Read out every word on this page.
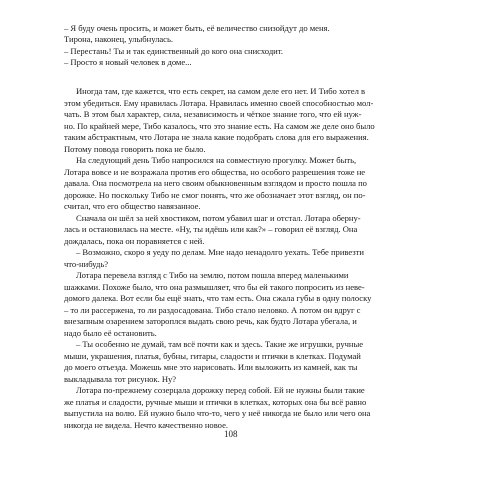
– Я буду очень просить, и может быть, её величество снизойдут до меня.
Тирона, наконец, улыбнулась.
– Перестань! Ты и так единственный до кого она снисходит.
– Просто я новый человек в доме...
Иногда там, где кажется, что есть секрет, на самом деле его нет. И Тибо хотел в
этом убедиться. Ему нравилась Лотара. Нравилась именно своей способностью мол-
чать. В этом был характер, сила, независимость и чёткое знание того, что ей нуж-
но. По крайней мере, Тибо казалось, что это знание есть. На самом же деле оно было
таким абстрактным, что Лотара не знала какие подобрать слова для его выражения.
Потому повода говорить пока не было.
На следующий день Тибо напросился на совместную прогулку. Может быть,
Лотара вовсе и не возражала против его общества, но особого разрешения тоже не
давала. Она посмотрела на него своим обыкновенным взглядом и просто пошла по
дорожке. Но поскольку Тибо не смог понять, что же обозначает этот взгляд, он по-
считал, что его общество навязанное.
Сначала он шёл за ней хвостиком, потом убавил шаг и отстал. Лотара оберну-
лась и остановилась на месте. «Ну, ты идёшь или как?» – говорил её взгляд. Она
дождалась, пока он поравняется с ней.
– Возможно, скоро я уеду по делам. Мне надо ненадолго уехать. Тебе привезти
что-нибудь?
Лотара перевела взгляд с Тибо на землю, потом пошла вперед маленькими
шажками. Похоже было, что она размышляет, что бы ей такого попросить из неве-
домого далека. Вот если бы ещё знать, что там есть. Она сжала губы в одну полоску
– то ли рассержена, то ли раздосадована. Тибо стало неловко. А потом он вдруг с
внезапным озарением затороплся выдать свою речь, как будто Лотара убегала, и
надо было её остановить.
– Ты особенно не думай, там всё почти как и здесь. Такие же игрушки, ручные
мыши, украшения, платья, бубны, гитары, сладости и птички в клетках. Подумай
до моего отъезда. Можешь мне это нарисовать. Или выложить из камней, как ты
выкладывала тот рисунок. Ну?
Лотара по-прежнему созерцала дорожку перед собой. Ей не нужны были такие
же платья и сладости, ручные мыши и птички в клетках, которых она бы всё равно
выпустила на волю. Ей нужно было что-то, чего у неё никогда не было или чего она
никогда не видела. Нечто качественно новое.
108
